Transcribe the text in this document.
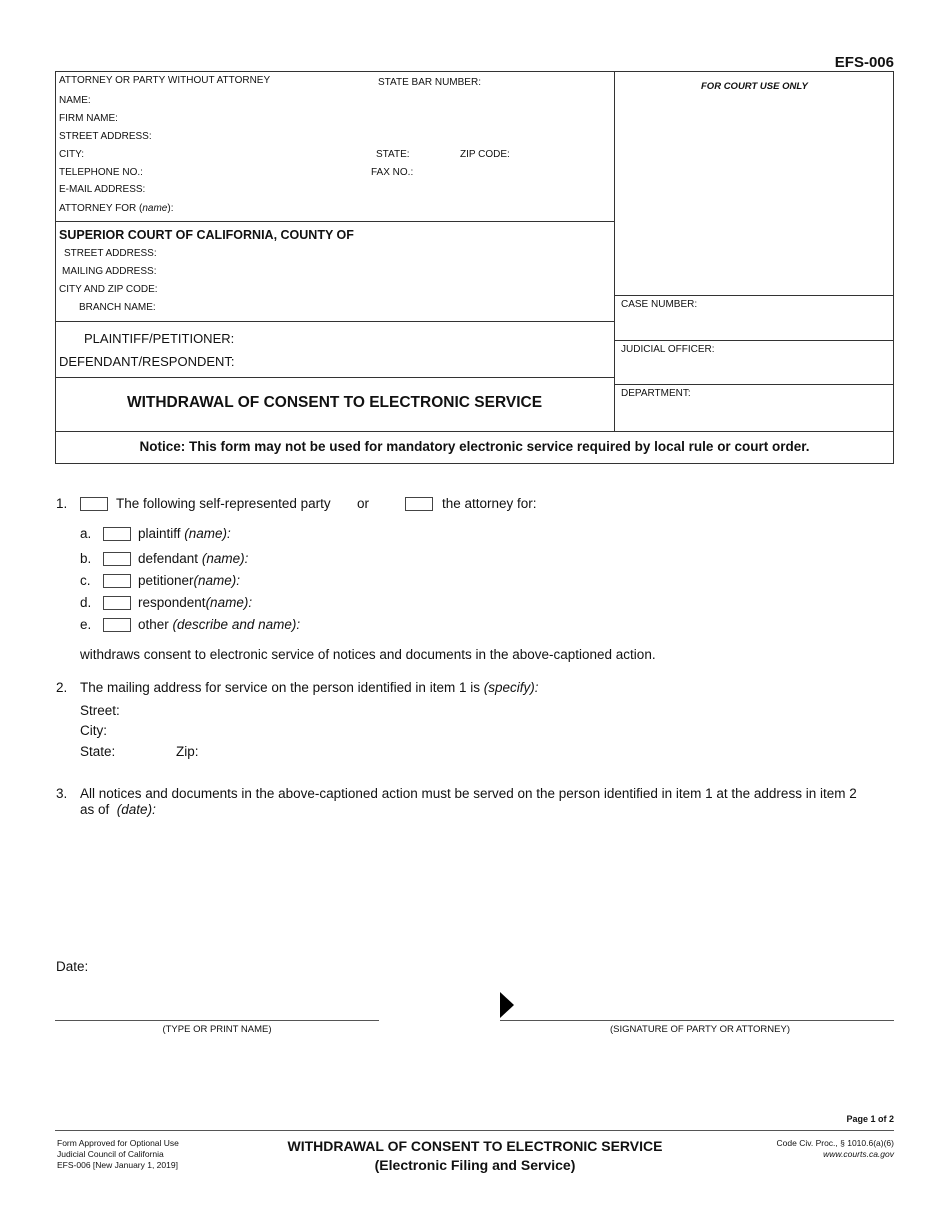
EFS-006
ATTORNEY OR PARTY WITHOUT ATTORNEY	STATE BAR NUMBER:
NAME:
FIRM NAME:
STREET ADDRESS:
CITY:	STATE:	ZIP CODE:
TELEPHONE NO.:	FAX NO.:
E-MAIL ADDRESS:
ATTORNEY FOR (name):
FOR COURT USE ONLY
SUPERIOR COURT OF CALIFORNIA, COUNTY OF
STREET ADDRESS:
MAILING ADDRESS:
CITY AND ZIP CODE:
BRANCH NAME:
PLAINTIFF/PETITIONER:
DEFENDANT/RESPONDENT:
CASE NUMBER:
JUDICIAL OFFICER:
DEPARTMENT:
WITHDRAWAL OF CONSENT TO ELECTRONIC SERVICE
Notice: This form may not be used for mandatory electronic service required by local rule or court order.
1.	The following self-represented party or	the attorney for:
a.	plaintiff (name):
b.	defendant (name):
c.	petitioner(name):
d.	respondent(name):
e.	other (describe and name):
withdraws consent to electronic service of notices and documents in the above-captioned action.
2. The mailing address for service on the person identified in item 1 is (specify):
Street:
City:
State:	Zip:
3. All notices and documents in the above-captioned action must be served on the person identified in item 1 at the address in item 2
as of (date):
Date:
(TYPE OR PRINT NAME)	(SIGNATURE OF PARTY OR ATTORNEY)
Page 1 of 2
Form Approved for Optional Use
Judicial Council of California
EFS-006 [New January 1, 2019]
WITHDRAWAL OF CONSENT TO ELECTRONIC SERVICE
(Electronic Filing and Service)
Code Civ. Proc., § 1010.6(a)(6)
www.courts.ca.gov
